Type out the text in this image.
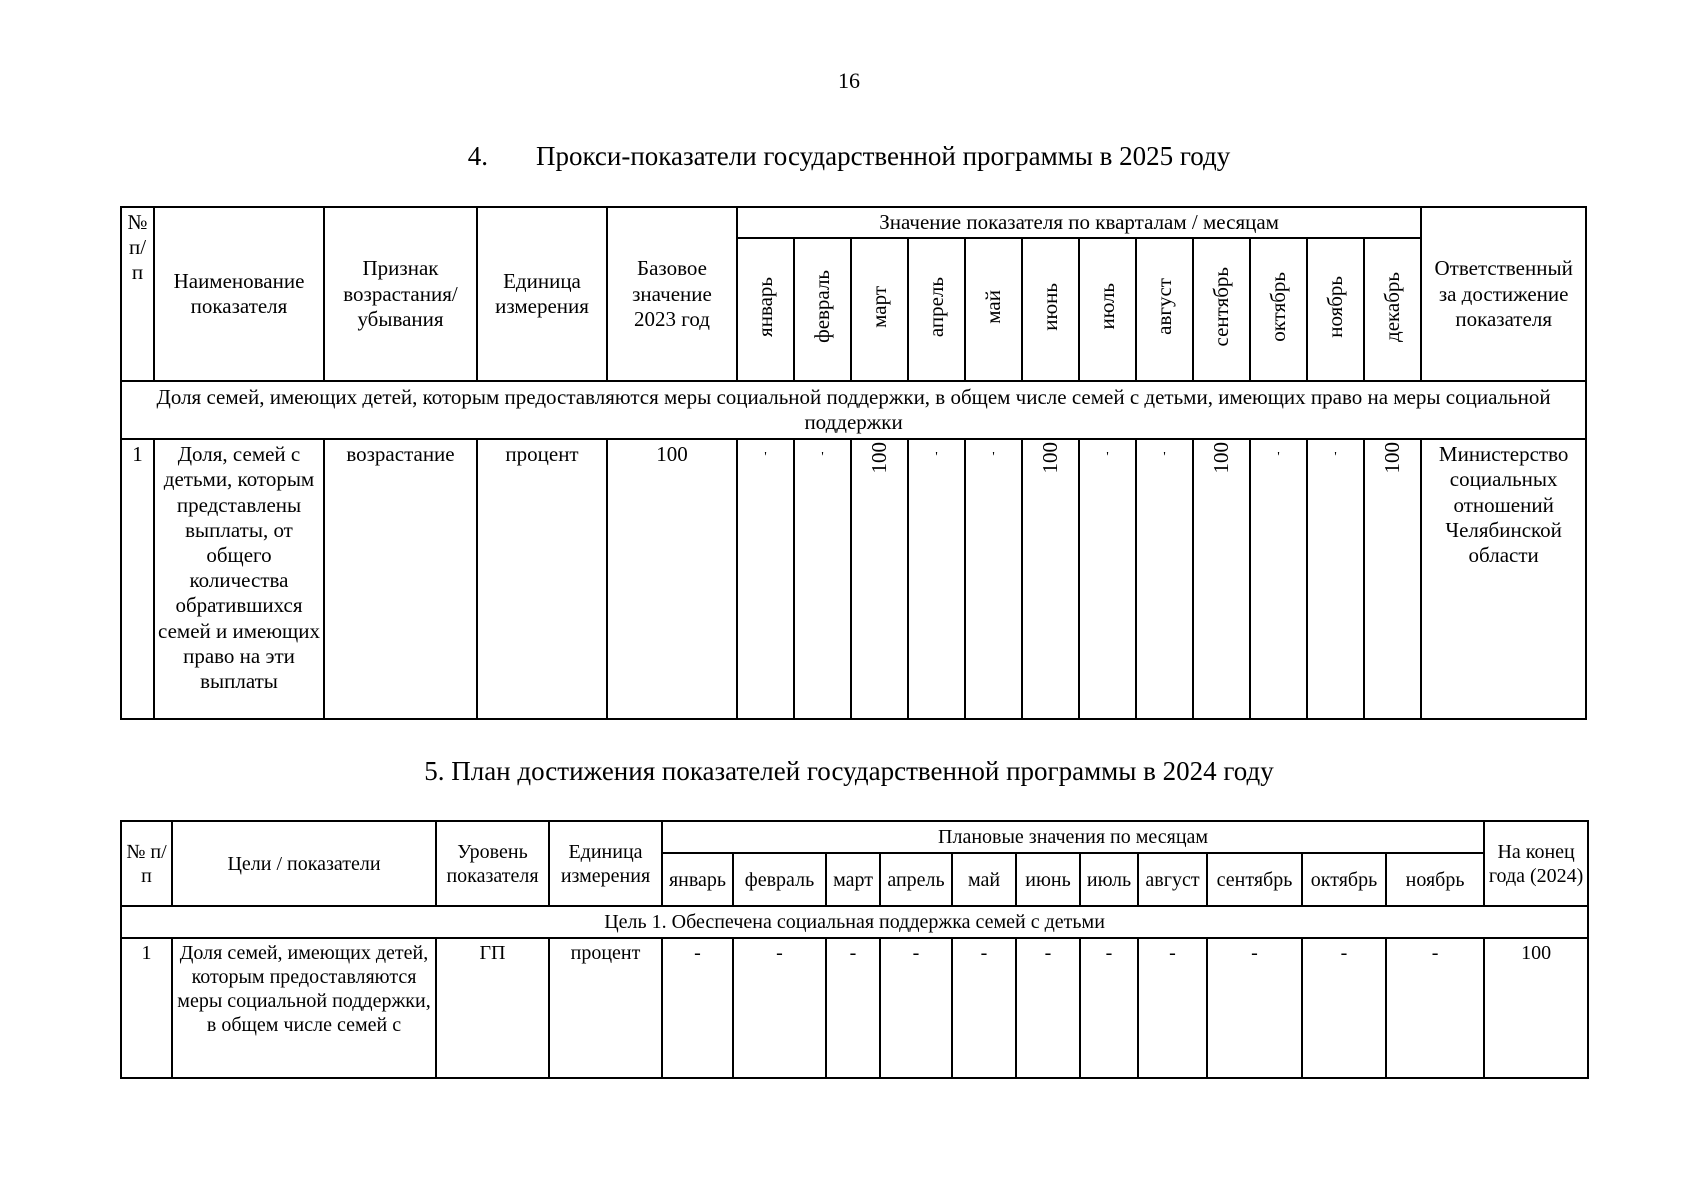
16
4. Прокси-показатели государственной программы в 2025 году
№ п/ п	Наименование показателя	Признак возрастания/ убывания	Единица измерения	Базовое значение 2023 год	Значение показателя по кварталам / месяцам												Ответственный за достижение показателя
					январь	февраль	март	апрель	май	июнь	июль	август	сентябрь	октябрь	ноябрь	декабрь	
Доля семей, имеющих детей, которым предоставляются меры социальной поддержки, в общем числе семей с детьми, имеющих право на меры социальной поддержки																	
1	Доля, семей с детьми, которым представлены выплаты, от общего количества обратившихся семей и имеющих право на эти выплаты	возрастание	процент	100	'	'	100	'	'	100	'	'	100	'	'	100	Министерство социальных отношений Челябинской области
5. План достижения показателей государственной программы в 2024 году
№ п/п	Цели / показатели	Уровень показателя	Единица измерения	Плановые значения по месяцам											На конец года (2024)
				январь	февраль	март	апрель	май	июнь	июль	август	сентябрь	октябрь	ноябрь	
Цель 1. Обеспечена социальная поддержка семей с детьми															
1	Доля семей, имеющих детей, которым предоставляются меры социальной поддержки, в общем числе семей с	ГП	процент	-	-	-	-	-	-	-	-	-	-	-	100
